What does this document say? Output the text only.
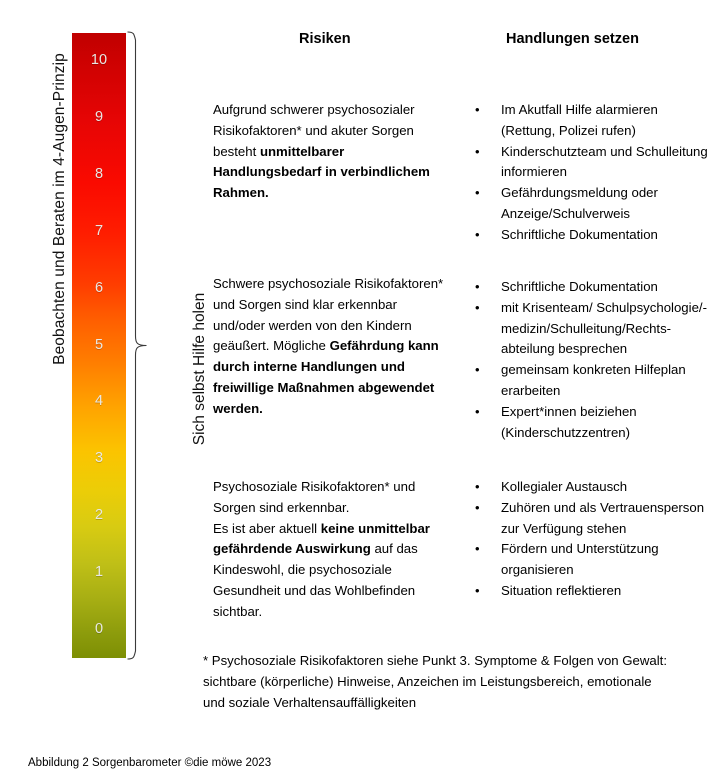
Beobachten und Beraten im 4-Augen-Prinzip	10
9
8
7
6
5
4
3
2
1
0
Sich selbst Hilfe holen
Risiken	Handlungen setzen
Aufgrund schwerer psychosozialer Risikofaktoren* und akuter Sorgen besteht unmittelbarer Handlungsbedarf in verbindlichem Rahmen.
Schwere psychosoziale Risikofaktoren* und Sorgen sind klar erkennbar und/oder werden von den Kindern geäußert. Mögliche Gefährdung kann durch interne Handlungen und freiwillige Maßnahmen abgewendet werden.
Psychosoziale Risikofaktoren* und Sorgen sind erkennbar.
Es ist aber aktuell keine unmittelbar gefährdende Auswirkung auf das Kindeswohl, die psychosoziale Gesundheit und das Wohlbefinden sichtbar.
• Im Akutfall Hilfe alarmieren (Rettung, Polizei rufen)
• Kinderschutzteam und Schulleitung informieren
• Gefährdungsmeldung oder Anzeige/Schulverweis
• Schriftliche Dokumentation
• Schriftliche Dokumentation
• mit Krisenteam/ Schulpsychologie/-medizin/Schulleitung/Rechts-abteilung besprechen
• gemeinsam konkreten Hilfeplan erarbeiten
• Expert*innen beiziehen (Kinderschutzzentren)
• Kollegialer Austausch
• Zuhören und als Vertrauensperson zur Verfügung stehen
• Fördern und Unterstützung organisieren
• Situation reflektieren
* Psychosoziale Risikofaktoren siehe Punkt 3. Symptome & Folgen von Gewalt: sichtbare (körperliche) Hinweise, Anzeichen im Leistungsbereich, emotionale und soziale Verhaltensauffälligkeiten
Abbildung 2 Sorgenbarometer ©die möwe 2023
